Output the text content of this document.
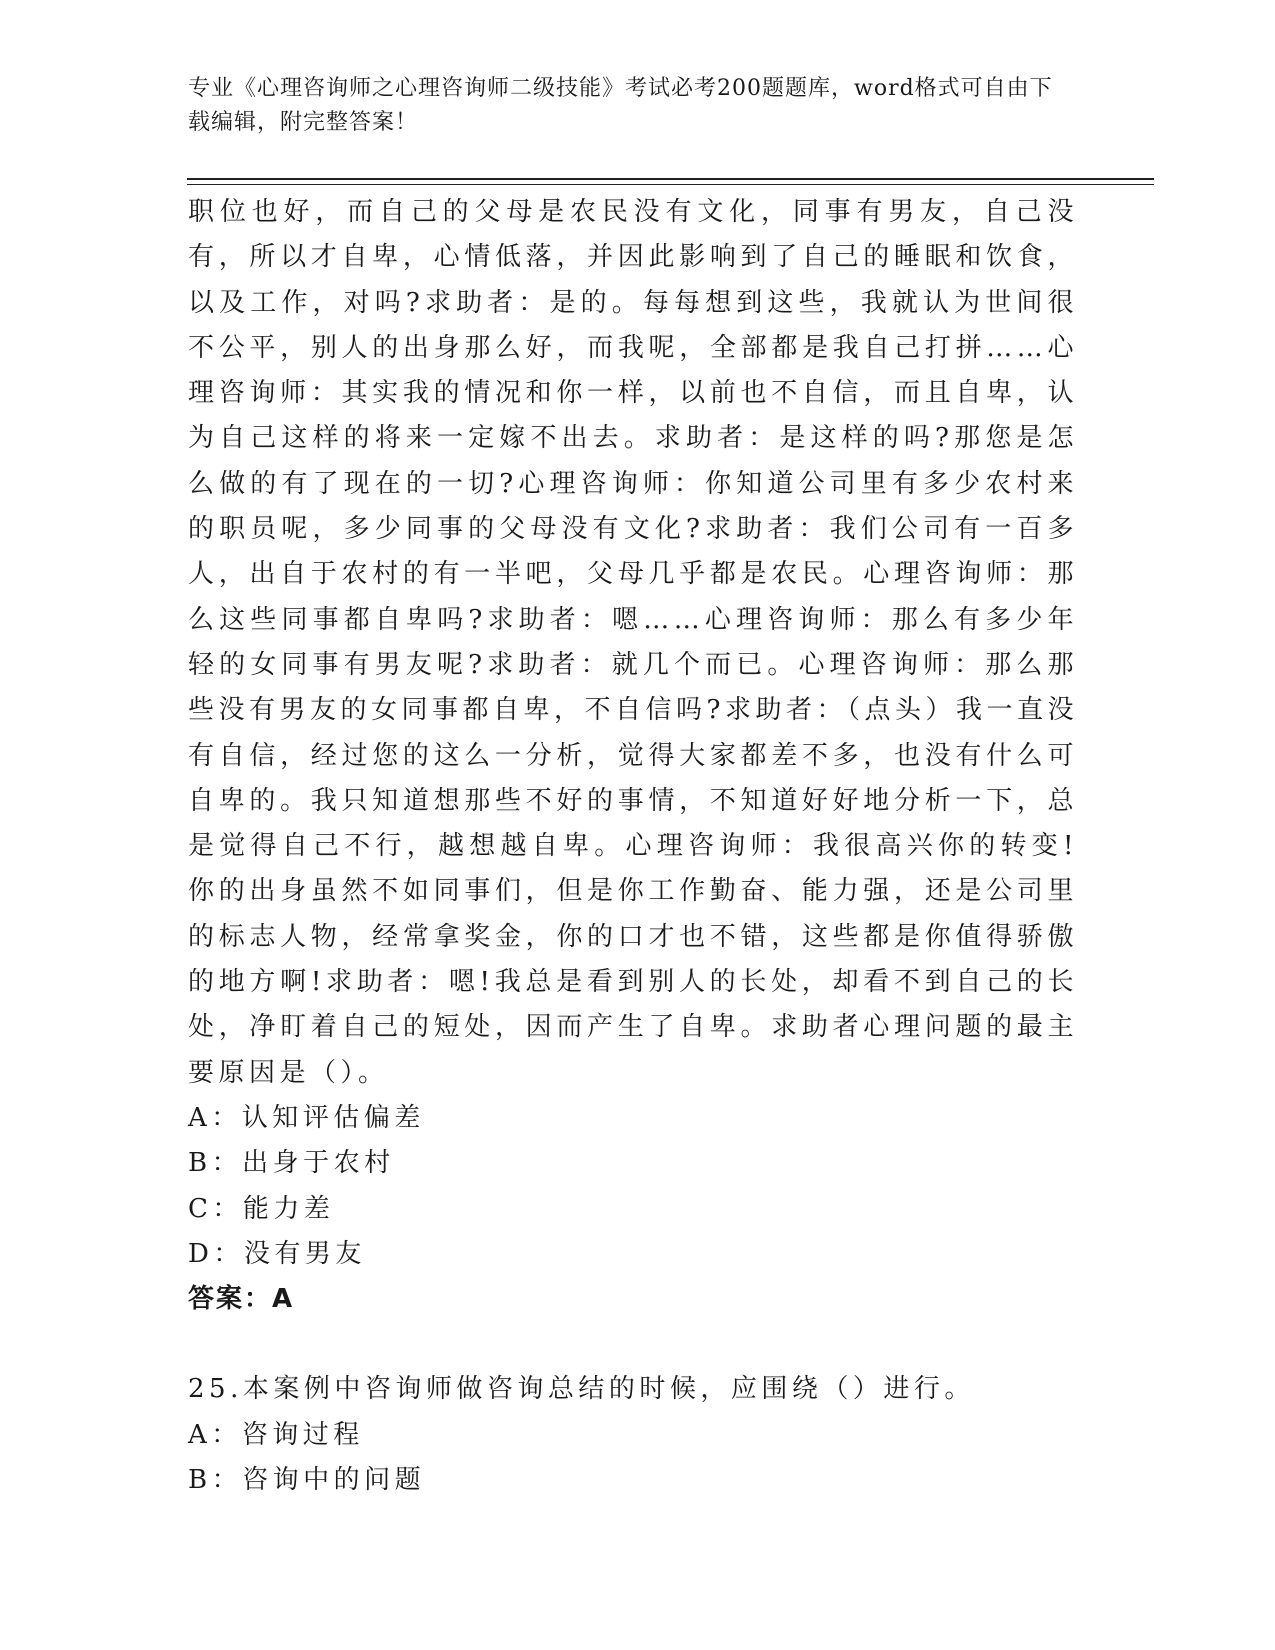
专业《心理咨询师之心理咨询师二级技能》考试必考200题题库，word格式可自由下载编辑，附完整答案！

职位也好，而自己的父母是农民没有文化，同事有男友，自己没有，所以才自卑，心情低落，并因此影响到了自己的睡眠和饮食，以及工作，对吗?求助者：是的。每每想到这些，我就认为世间很不公平，别人的出身那么好，而我呢，全部都是我自己打拼……心理咨询师：其实我的情况和你一样，以前也不自信，而且自卑，认为自己这样的将来一定嫁不出去。求助者：是这样的吗?那您是怎么做的有了现在的一切?心理咨询师：你知道公司里有多少农村来的职员呢，多少同事的父母没有文化?求助者：我们公司有一百多人，出自于农村的有一半吧，父母几乎都是农民。心理咨询师：那么这些同事都自卑吗?求助者：嗯……心理咨询师：那么有多少年轻的女同事有男友呢?求助者：就几个而已。心理咨询师：那么那些没有男友的女同事都自卑，不自信吗?求助者：（点头）我一直没有自信，经过您的这么一分析，觉得大家都差不多，也没有什么可自卑的。我只知道想那些不好的事情，不知道好好地分析一下，总是觉得自己不行，越想越自卑。心理咨询师：我很高兴你的转变!你的出身虽然不如同事们，但是你工作勤奋、能力强，还是公司里的标志人物，经常拿奖金，你的口才也不错，这些都是你值得骄傲的地方啊!求助者：嗯!我总是看到别人的长处，却看不到自己的长处，净盯着自己的短处，因而产生了自卑。求助者心理问题的最主要原因是（）。

A：认知评估偏差

B：出身于农村

C：能力差

D：没有男友

答案：A

25.本案例中咨询师做咨询总结的时候，应围绕（）进行。

A：咨询过程

B：咨询中的问题
